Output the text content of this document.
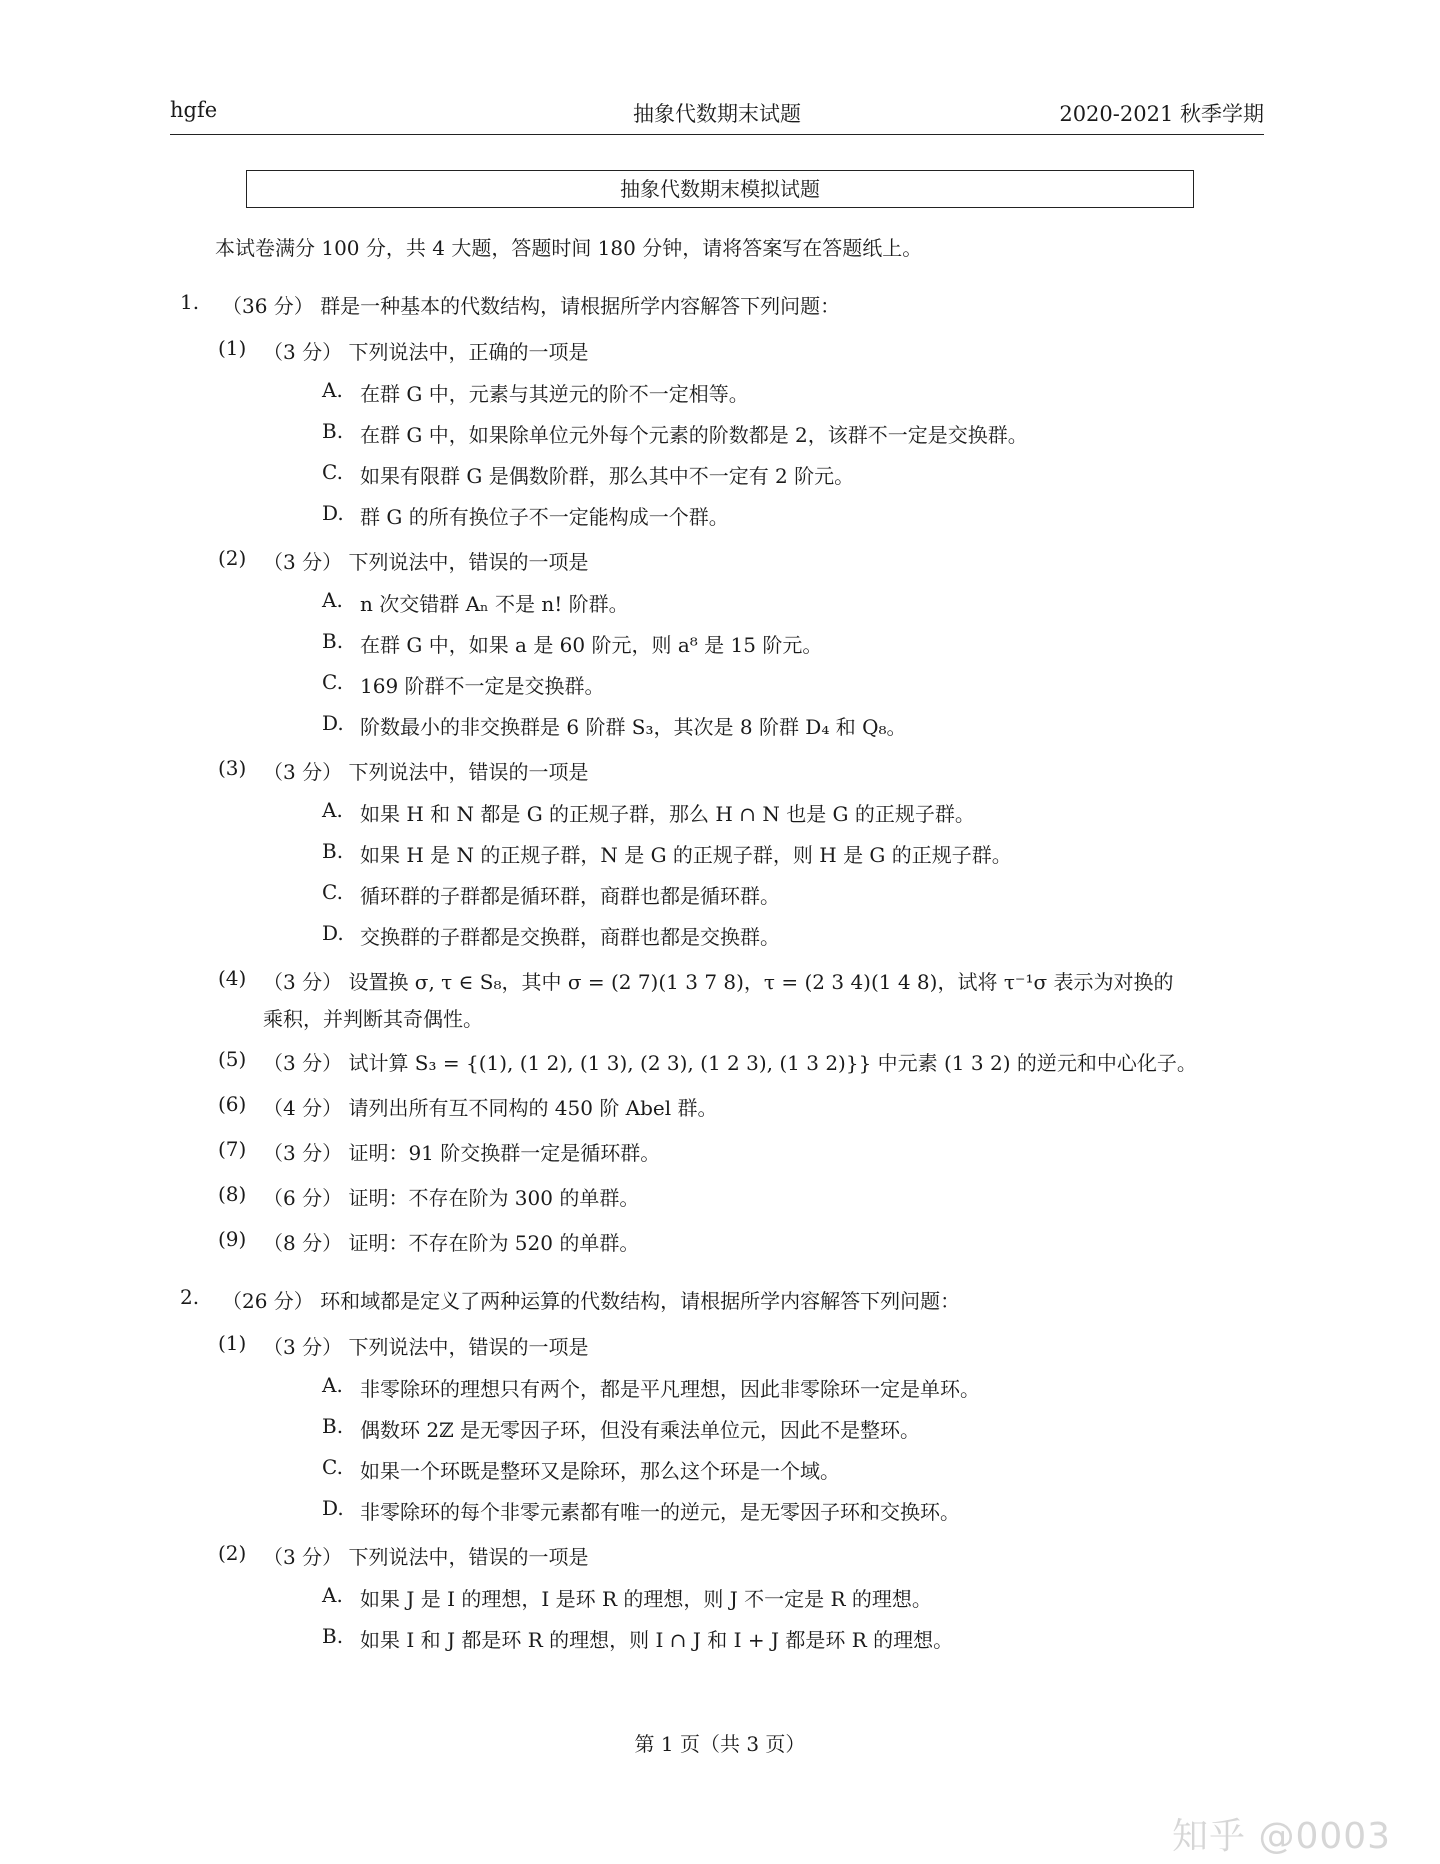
hgfe	抽象代数期末试题	2020-2021 秋季学期
抽象代数期末模拟试题
本试卷满分 100 分，共 4 大题，答题时间 180 分钟，请将答案写在答题纸上。
1. （36 分） 群是一种基本的代数结构，请根据所学内容解答下列问题：
(1) （3 分） 下列说法中，正确的一项是
A. 在群 G 中，元素与其逆元的阶不一定相等。
B. 在群 G 中，如果除单位元外每个元素的阶数都是 2，该群不一定是交换群。
C. 如果有限群 G 是偶数阶群，那么其中不一定有 2 阶元。
D. 群 G 的所有换位子不一定能构成一个群。
(2) （3 分） 下列说法中，错误的一项是
A. n 次交错群 Aₙ 不是 n! 阶群。
B. 在群 G 中，如果 a 是 60 阶元，则 a⁸ 是 15 阶元。
C. 169 阶群不一定是交换群。
D. 阶数最小的非交换群是 6 阶群 S₃，其次是 8 阶群 D₄ 和 Q₈。
(3) （3 分） 下列说法中，错误的一项是
A. 如果 H 和 N 都是 G 的正规子群，那么 H ∩ N 也是 G 的正规子群。
B. 如果 H 是 N 的正规子群，N 是 G 的正规子群，则 H 是 G 的正规子群。
C. 循环群的子群都是循环群，商群也都是循环群。
D. 交换群的子群都是交换群，商群也都是交换群。
(4) （3 分） 设置换 σ, τ ∈ S₈，其中 σ = (2 7)(1 3 7 8)，τ = (2 3 4)(1 4 8)，试将 τ⁻¹σ 表示为对换的
乘积，并判断其奇偶性。
(5) （3 分） 试计算 S₃ = {(1), (1 2), (1 3), (2 3), (1 2 3), (1 3 2)}} 中元素 (1 3 2) 的逆元和中心化子。
(6) （4 分） 请列出所有互不同构的 450 阶 Abel 群。
(7) （3 分） 证明：91 阶交换群一定是循环群。
(8) （6 分） 证明：不存在阶为 300 的单群。
(9) （8 分） 证明：不存在阶为 520 的单群。
2. （26 分） 环和域都是定义了两种运算的代数结构，请根据所学内容解答下列问题：
(1) （3 分） 下列说法中，错误的一项是
A. 非零除环的理想只有两个，都是平凡理想，因此非零除环一定是单环。
B. 偶数环 2ℤ 是无零因子环，但没有乘法单位元，因此不是整环。
C. 如果一个环既是整环又是除环，那么这个环是一个域。
D. 非零除环的每个非零元素都有唯一的逆元，是无零因子环和交换环。
(2) （3 分） 下列说法中，错误的一项是
A. 如果 J 是 I 的理想，I 是环 R 的理想，则 J 不一定是 R 的理想。
B. 如果 I 和 J 都是环 R 的理想，则 I ∩ J 和 I + J 都是环 R 的理想。
第 1 页（共 3 页）
知乎 @0003
